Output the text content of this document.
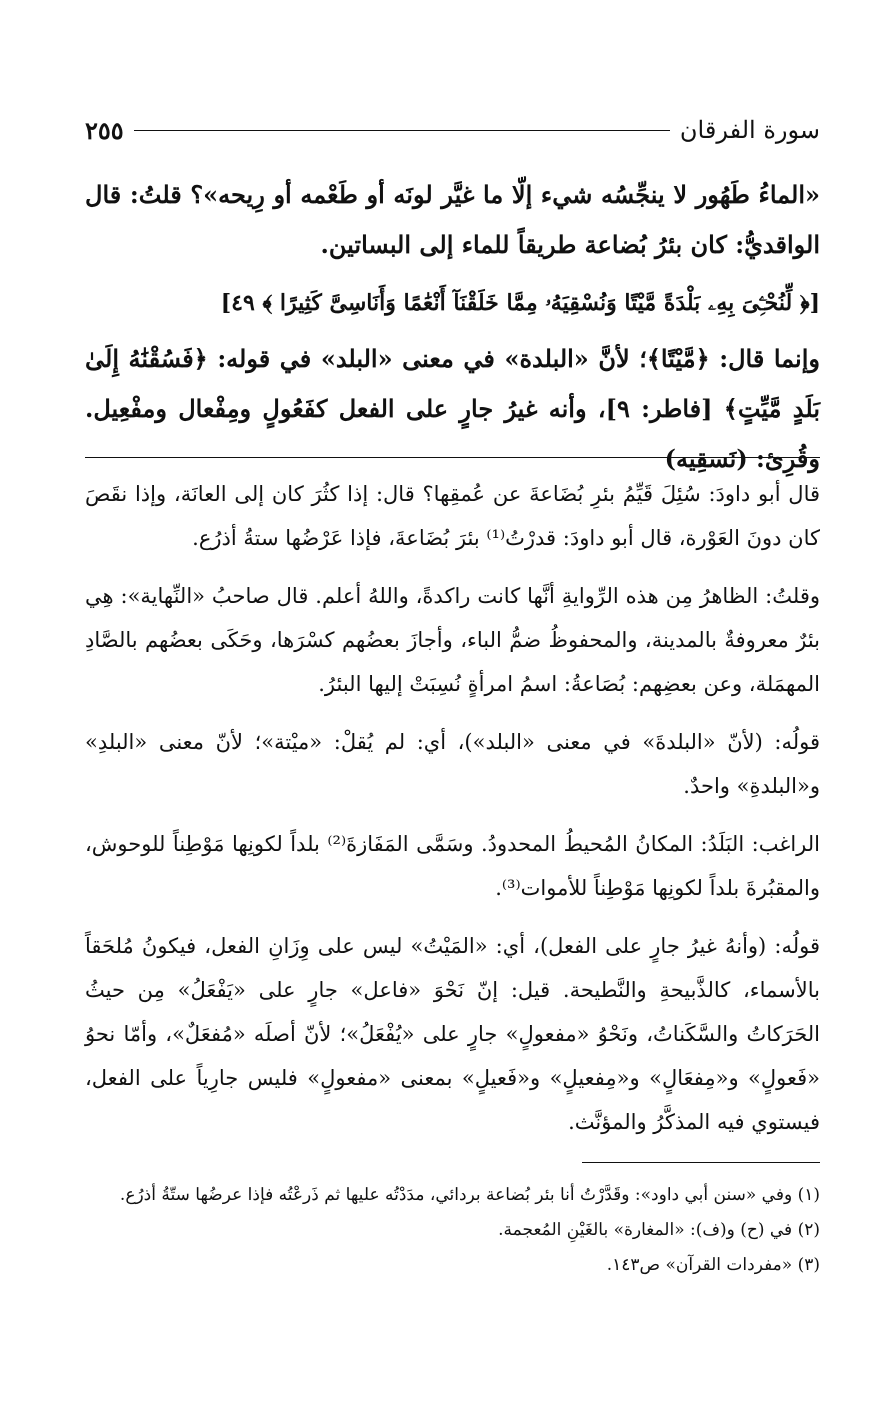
سورة الفرقان
٢٥٥

«الماءُ طَهُور لا ينجِّسُه شيء إلّا ما غيَّر لونَه أو طَعْمه أو رِيحه»؟ قلتُ: قال الواقديُّ: كان بئرُ بُضاعة طريقاً للماء إلى البساتين.

[﴿ لِّنُحْـِۧىَ بِهِۦ بَلْدَةً مَّيْتًا وَنُسْقِيَهُۥ مِمَّا خَلَقْنَآ أَنْعَٰمًا وَأَنَاسِىَّ كَثِيرًا ﴾ ٤٩]

وإنما قال: ﴿مَّيْتًا﴾؛ لأنَّ «البلدة» في معنى «البلد» في قوله: ﴿فَسُقْنَٰهُ إِلَىٰ بَلَدٍ مَّيِّتٍ﴾ [فاطر: ٩]، وأنه غيرُ جارٍ على الفعل كفَعُولٍ ومِفْعال ومفْعِيل. وقُرِئ: (نَسقِيه)

قال أبو داودَ: سُئِلَ قَيِّمُ بئرِ بُضَاعةَ عن عُمقِها؟ قال: إذا كثُرَ كان إلى العانَة، وإذا نقَصَ كان دونَ العَوْرة، قال أبو داودَ: قدرْتُ⁽¹⁾ بئرَ بُضَاعةَ، فإذا عَرْضُها ستةُ أذرُع.

وقلتُ: الظاهرُ مِن هذه الرِّوايةِ أنَّها كانت راكدةً، واللهُ أعلم. قال صاحبُ «النِّهاية»: هِي بئرٌ معروفةٌ بالمدينة، والمحفوظُ ضمُّ الباء، وأجازَ بعضُهم كسْرَها، وحَكَى بعضُهم بالصَّادِ المهمَلة، وعن بعضِهم: بُصَاعةُ: اسمُ امرأةٍ نُسِبَتْ إليها البئرُ.

قولُه: (لأنّ «البلدةَ» في معنى «البلد»)، أي: لم يُقلْ: «ميْتة»؛ لأنّ معنى «البلدِ» و«البلدةِ» واحدٌ.

الراغب: البَلَدُ: المكانُ المُحيطُ المحدودُ. وسَمَّى المَفَازةَ⁽²⁾ بلداً لكونِها مَوْطِناً للوحوش، والمقبُرةَ بلداً لكونِها مَوْطِناً للأموات⁽³⁾.

قولُه: (وأنهُ غيرُ جارٍ على الفعل)، أي: «المَيْتُ» ليس على وِزَانِ الفعل، فيكونُ مُلحَقاً بالأسماء، كالذَّبيحةِ والنَّطيحة. قيل: إنّ نَحْوَ «فاعل» جارٍ على «يَفْعَلُ» مِن حيثُ الحَرَكاتُ والسَّكَناتُ، ونَحْوُ «مفعولٍ» جارٍ على «يُفْعَلُ»؛ لأنّ أصلَه «مُفعَلٌ»، وأمّا نحوُ «فَعولٍ» و«مِفعَالٍ» و«مِفعيلٍ» و«فَعيلٍ» بمعنى «مفعولٍ» فليس جارِياً على الفعل، فيستوي فيه المذكَّرُ والمؤنَّث.

(١) وفي «سنن أبي داود»: وقَدَّرْتُ أنا بئر بُضاعة بردائي، مدَدْتُه عليها ثم ذَرعْتُه فإذا عرضُها ستّةُ أذرُع.

(٢) في (ح) و(ف): «المغارة» بالغَيْنِ المُعجمة.

(٣) «مفردات القرآن» ص١٤٣.
